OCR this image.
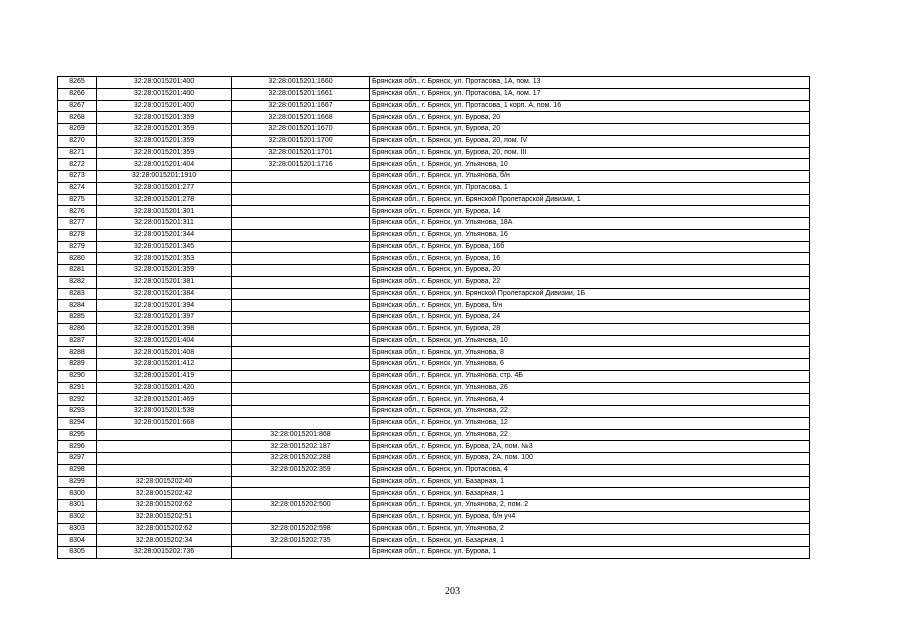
8265	32:28:0015201:400	32:28:0015201:1660	Брянская обл., г. Брянск, ул. Протасова, 1А, пом. 13
8266	32:28:0015201:400	32:28:0015201:1661	Брянская обл., г. Брянск, ул. Протасова, 1А, пом. 17
8267	32:28:0015201:400	32:28:0015201:1667	Брянская обл., г. Брянск, ул. Протасова, 1 корп. А, пом. 16
8268	32:28:0015201:359	32:28:0015201:1668	Брянская обл., г. Брянск, ул. Бурова, 20
8269	32:28:0015201:359	32:28:0015201:1670	Брянская обл., г. Брянск, ул. Бурова, 20
8270	32:28:0015201:359	32:28:0015201:1700	Брянская обл., г. Брянск, ул. Бурова, 20, пом. IV
8271	32:28:0015201:359	32:28:0015201:1701	Брянская обл., г. Брянск, ул. Бурова, 20, пом. III
8272	32:28:0015201:404	32:28:0015201:1716	Брянская обл., г. Брянск, ул. Ульянова, 10
8273	32:28:0015201:1910		Брянская обл., г. Брянск, ул. Ульянова, б/н
8274	32:28:0015201:277		Брянская обл., г. Брянск, ул. Протасова, 1
8275	32:28:0015201:278		Брянская обл., г. Брянск, ул. Брянской Пролетарской Дивизии, 1
8276	32:28:0015201:301		Брянская обл., г. Брянск, ул. Бурова, 14
8277	32:28:0015201:311		Брянская обл., г. Брянск, ул. Ульянова, 18А
8278	32:28:0015201:344		Брянская обл., г. Брянск, ул. Ульянова, 16
8279	32:28:0015201:345		Брянская обл., г. Брянск, ул. Бурова, 16б
8280	32:28:0015201:353		Брянская обл., г. Брянск, ул. Бурова, 16
8281	32:28:0015201:359		Брянская обл., г. Брянск, ул. Бурова, 20
8282	32:28:0015201:381		Брянская обл., г. Брянск, ул. Бурова, 22
8283	32:28:0015201:384		Брянская обл., г. Брянск, ул. Брянской Пролетарской Дивизии, 1Б
8284	32:28:0015201:394		Брянская обл., г. Брянск, ул. Бурова, б/н
8285	32:28:0015201:397		Брянская обл., г. Брянск, ул. Бурова, 24
8286	32:28:0015201:398		Брянская обл., г. Брянск, ул. Бурова, 28
8287	32:28:0015201:404		Брянская обл., г. Брянск, ул. Ульянова, 10
8288	32:28:0015201:408		Брянская обл., г. Брянск, ул. Ульянова, 8
8289	32:28:0015201:412		Брянская обл., г. Брянск, ул. Ульянова, 6
8290	32:28:0015201:419		Брянская обл., г. Брянск, ул. Ульянова, стр. 4Б
8291	32:28:0015201:420		Брянская обл., г. Брянск, ул. Ульянова, 26
8292	32:28:0015201:469		Брянская обл., г. Брянск, ул. Ульянова, 4
8293	32:28:0015201:538		Брянская обл., г. Брянск, ул. Ульянова, 22
8294	32:28:0015201:668		Брянская обл., г. Брянск, ул. Ульянова, 12
8295		32:28:0015201:868	Брянская обл., г. Брянск, ул. Ульянова, 22
8296		32:28:0015202:187	Брянская обл., г. Брянск, ул. Бурова, 2А, пом. №3
8297		32:28:0015202:288	Брянская обл., г. Брянск, ул. Бурова, 2А, пом. 100
8298		32:28:0015202:359	Брянская обл., г. Брянск, ул. Протасова, 4
8299	32:28:0015202:40		Брянская обл., г. Брянск, ул. Базарная, 1
8300	32:28:0015202:42		Брянская обл., г. Брянск, ул. Базарная, 1
8301	32:28:0015202:62	32:28:0015202:500	Брянская обл., г. Брянск, ул. Ульянова, 2, пом. 2
8302	32:28:0015202:51		Брянская обл., г. Брянск, ул. Бурова, б/н уч4
8303	32:28:0015202:62	32:28:0015202:598	Брянская обл., г. Брянск, ул. Ульянова, 2
8304	32:28:0015202:34	32:28:0015202:735	Брянская обл., г. Брянск, ул. Базарная, 1
8305	32:28:0015202:736		Брянская обл., г. Брянск, ул. Бурова, 1
203
